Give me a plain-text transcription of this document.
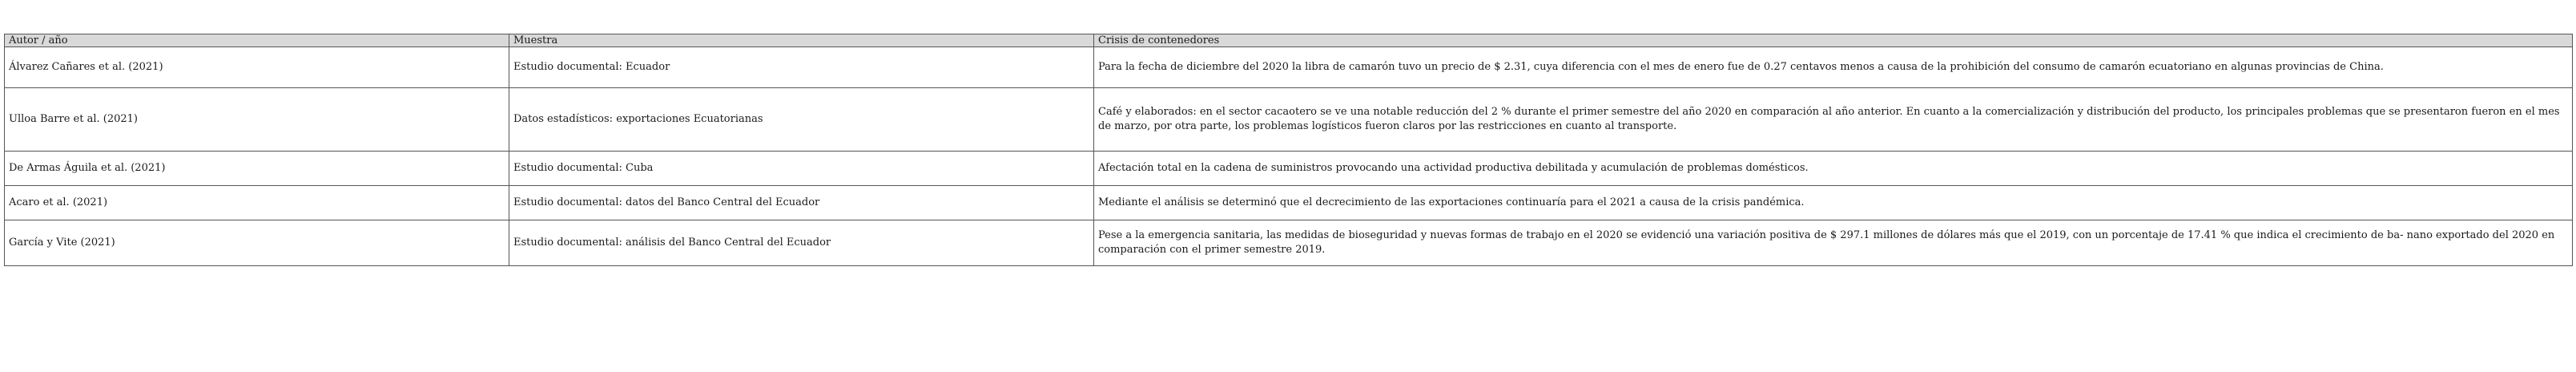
Autor / año	Muestra	Crisis de contenedores
Álvarez Cañares et al. (2021)	Estudio documental: Ecuador	Para la fecha de diciembre del 2020 la libra de camarón tuvo un precio de $ 2.31, cuya diferencia con el mes de enero fue de 0.27 centavos menos a causa de la prohibición del consumo de camarón ecuatoriano en algunas provincias de China.
Ulloa Barre et al. (2021)	Datos estadísticos: exportaciones Ecuatorianas	Café y elaborados: en el sector cacaotero se ve una notable reducción del 2 % durante el primer semestre del año 2020 en comparación al año anterior. En cuanto a la comercialización y distribución del producto, los principales problemas que se presentaron fueron en el mes de marzo, por otra parte, los problemas logísticos fueron claros por las restricciones en cuanto al transporte.
De Armas Águila et al. (2021)	Estudio documental: Cuba	Afectación total en la cadena de suministros provocando una actividad productiva debilitada y acumulación de problemas domésticos.
Acaro et al. (2021)	Estudio documental: datos del Banco Central del Ecuador	Mediante el análisis se determinó que el decrecimiento de las exportaciones continuaría para el 2021 a causa de la crisis pandémica.
García y Vite (2021)	Estudio documental: análisis del Banco Central del Ecuador	Pese a la emergencia sanitaria, las medidas de bioseguridad y nuevas formas de trabajo en el 2020 se evidenció una variación positiva de $ 297.1 millones de dólares más que el 2019, con un porcentaje de 17.41 % que indica el crecimiento de ba- nano exportado del 2020 en comparación con el primer semestre 2019.
